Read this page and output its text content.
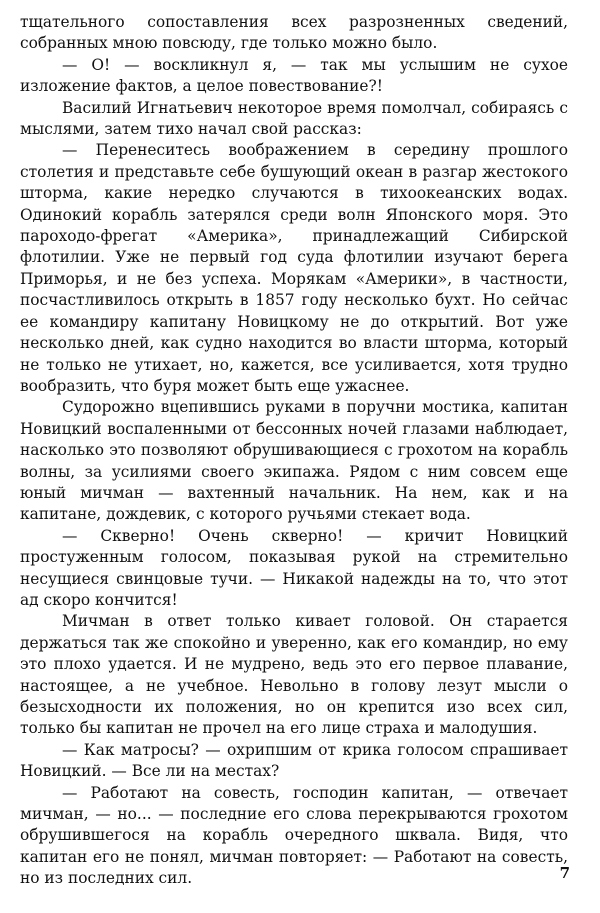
тщательного сопоставления всех разрозненных сведений, собранных мною повсюду, где только можно было.

— О! — воскликнул я, — так мы услышим не сухое изложение фактов, а целое повествование?!

Василий Игнатьевич некоторое время помолчал, собираясь с мыслями, затем тихо начал свой рассказ:

— Перенеситесь воображением в середину прошлого столетия и представьте себе бушующий океан в разгар жестокого шторма, какие нередко случаются в тихоокеанских водах. Одинокий корабль затерялся среди волн Японского моря. Это пароходо-фрегат «Америка», принадлежащий Сибирской флотилии. Уже не первый год суда флотилии изучают берега Приморья, и не без успеха. Морякам «Америки», в частности, посчастливилось открыть в 1857 году несколько бухт. Но сейчас ее командиру капитану Новицкому не до открытий. Вот уже несколько дней, как судно находится во власти шторма, который не только не утихает, но, кажется, все усиливается, хотя трудно вообразить, что буря может быть еще ужаснее.

Судорожно вцепившись руками в поручни мостика, капитан Новицкий воспаленными от бессонных ночей глазами наблюдает, насколько это позволяют обрушивающиеся с грохотом на корабль волны, за усилиями своего экипажа. Рядом с ним совсем еще юный мичман — вахтенный начальник. На нем, как и на капитане, дождевик, с которого ручьями стекает вода.

— Скверно! Очень скверно! — кричит Новицкий простуженным голосом, показывая рукой на стремительно несущиеся свинцовые тучи. — Никакой надежды на то, что этот ад скоро кончится!

Мичман в ответ только кивает головой. Он старается держаться так же спокойно и уверенно, как его командир, но ему это плохо удается. И не мудрено, ведь это его первое плавание, настоящее, а не учебное. Невольно в голову лезут мысли о безысходности их положения, но он крепится изо всех сил, только бы капитан не прочел на его лице страха и малодушия.

— Как матросы? — охрипшим от крика голосом спрашивает Новицкий. — Все ли на местах?

— Работают на совесть, господин капитан, — отвечает мичман, — но... — последние его слова перекрываются грохотом обрушившегося на корабль очередного шквала. Видя, что капитан его не понял, мичман повторяет: — Работают на совесть, но из последних сил.	7
